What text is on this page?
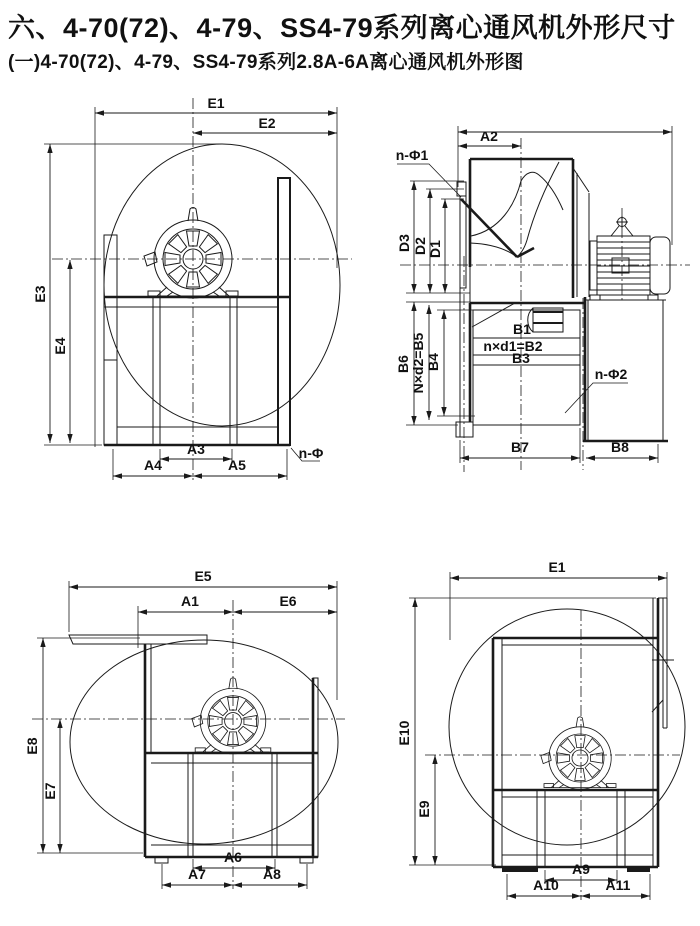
六、4-70(72)、4-79、SS4-79系列离心通风机外形尺寸
(一)4-70(72)、4-79、SS4-79系列2.8A-6A离心通风机外形图
E1
E2
E3
E4
A3
A4	A5
n-Φ
A2
D3 D2 D1
B6 N×d2=B5 B4
B1
n×d1=B2
B3
B7	B8
n-Φ1
n-Φ2
E5
A1	E6
E8
E7
A6
A7	A8
E1
E10
E9
A9
A10	A11
